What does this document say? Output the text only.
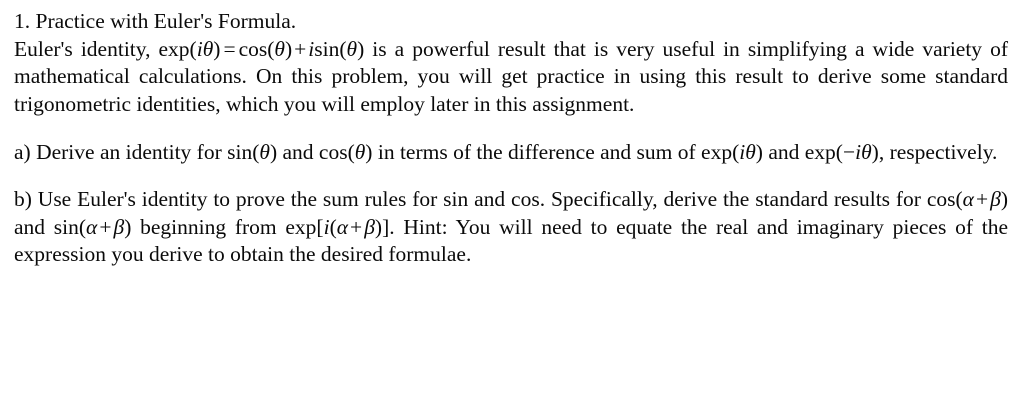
1. Practice with Euler's Formula.

Euler's identity, exp(iθ) = cos(θ)+isin(θ) is a powerful result that is very useful in simplifying a wide variety of mathematical calculations. On this problem, you will get practice in using this result to derive some standard trigonometric identities, which you will employ later in this assignment.

a) Derive an identity for sin(θ) and cos(θ) in terms of the difference and sum of exp(iθ) and exp(−iθ), respectively.

b) Use Euler's identity to prove the sum rules for sin and cos. Specifically, derive the standard results for cos(α+β) and sin(α+β) beginning from exp[i(α+β)]. Hint: You will need to equate the real and imaginary pieces of the expression you derive to obtain the desired formulae.
